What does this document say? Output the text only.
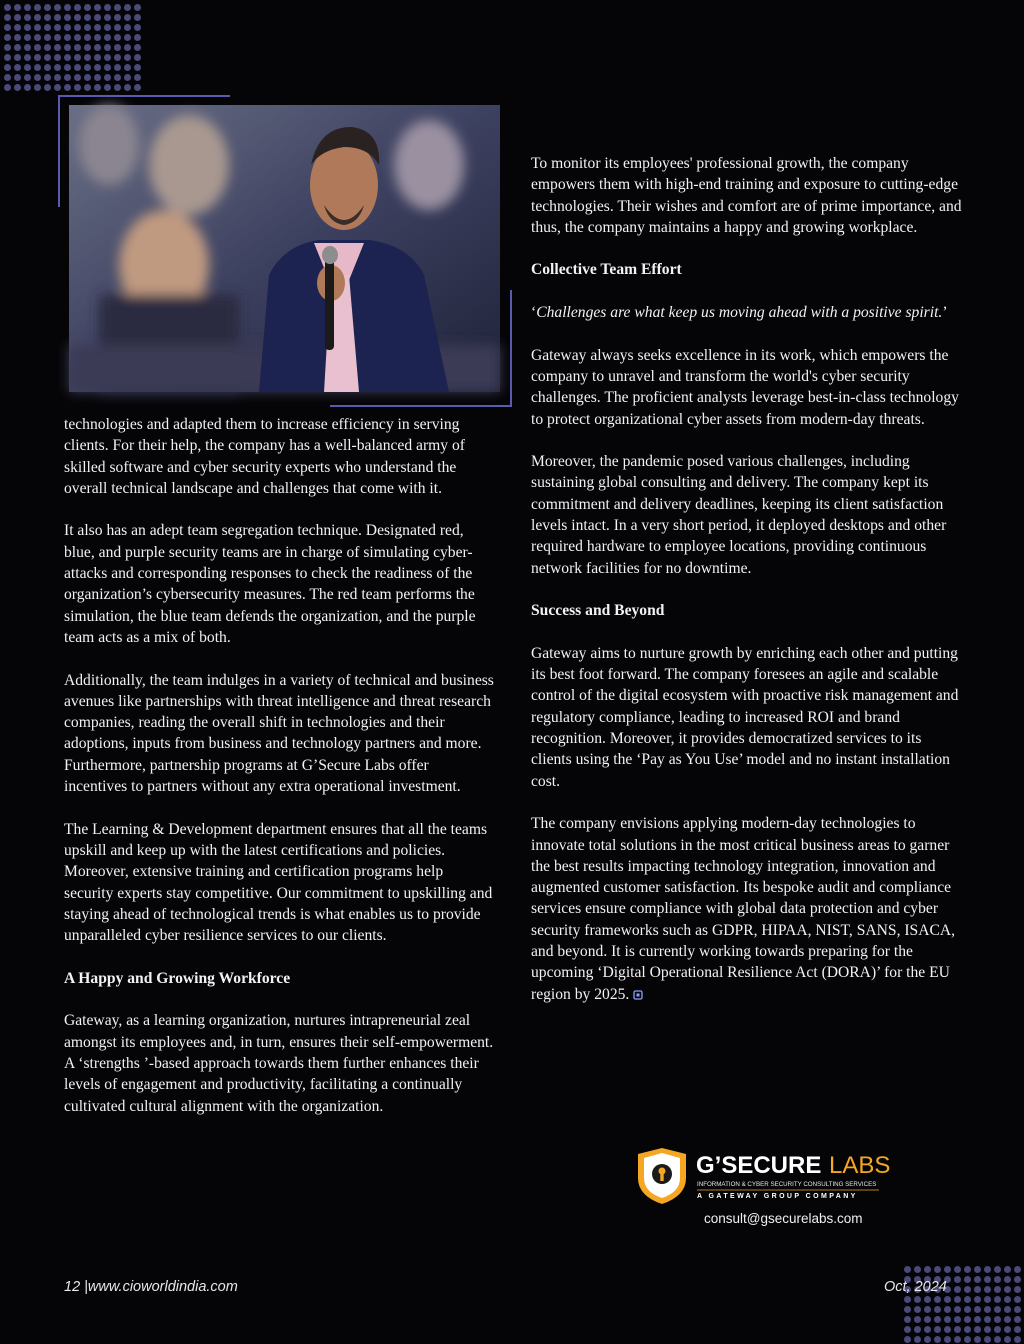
technologies and adapted them to increase efficiency in serving clients. For their help, the company has a well-balanced army of skilled software and cyber security experts who understand the overall technical landscape and challenges that come with it.

It also has an adept team segregation technique. Designated red, blue, and purple security teams are in charge of simulating cyber-attacks and corresponding responses to check the readiness of the organization’s cybersecurity measures. The red team performs the simulation, the blue team defends the organization, and the purple team acts as a mix of both.

Additionally, the team indulges in a variety of technical and business avenues like partnerships with threat intelligence and threat research companies, reading the overall shift in technologies and their adoptions, inputs from business and technology partners and more. Furthermore, partnership programs at G’Secure Labs offer incentives to partners without any extra operational investment.

The Learning & Development department ensures that all the teams upskill and keep up with the latest certifications and policies. Moreover, extensive training and certification programs help security experts stay competitive. Our commitment to upskilling and staying ahead of technological trends is what enables us to provide unparalleled cyber resilience services to our clients.

A Happy and Growing Workforce

Gateway, as a learning organization, nurtures intrapreneurial zeal amongst its employees and, in turn, ensures their self-empowerment. A ‘strengths ’-based approach towards them further enhances their levels of engagement and productivity, facilitating a continually cultivated cultural alignment with the organization.

To monitor its employees' professional growth, the company empowers them with high-end training and exposure to cutting-edge technologies. Their wishes and comfort are of prime importance, and thus, the company maintains a happy and growing workplace.

Collective Team Effort

‘Challenges are what keep us moving ahead with a positive spirit.’

Gateway always seeks excellence in its work, which empowers the company to unravel and transform the world's cyber security challenges. The proficient analysts leverage best-in-class technology to protect organizational cyber assets from modern-day threats.

Moreover, the pandemic posed various challenges, including sustaining global consulting and delivery. The company kept its commitment and delivery deadlines, keeping its client satisfaction levels intact. In a very short period, it deployed desktops and other required hardware to employee locations, providing continuous network facilities for no downtime.

Success and Beyond

Gateway aims to nurture growth by enriching each other and putting its best foot forward. The company foresees an agile and scalable control of the digital ecosystem with proactive risk management and regulatory compliance, leading to increased ROI and brand recognition. Moreover, it provides democratized services to its clients using the ‘Pay as You Use’ model and no instant installation cost.

The company envisions applying modern-day technologies to innovate total solutions in the most critical business areas to garner the best results impacting technology integration, innovation and augmented customer satisfaction. Its bespoke audit and compliance services ensure compliance with global data protection and cyber security frameworks such as GDPR, HIPAA, NIST, SANS, ISACA, and beyond. It is currently working towards preparing for the upcoming ‘Digital Operational Resilience Act (DORA)’ for the EU region by 2025.

G’SECURE LABS
INFORMATION & CYBER SECURITY CONSULTING SERVICES
A GATEWAY GROUP COMPANY
consult@gsecurelabs.com
12 |www.cioworldindia.com	Oct, 2024
